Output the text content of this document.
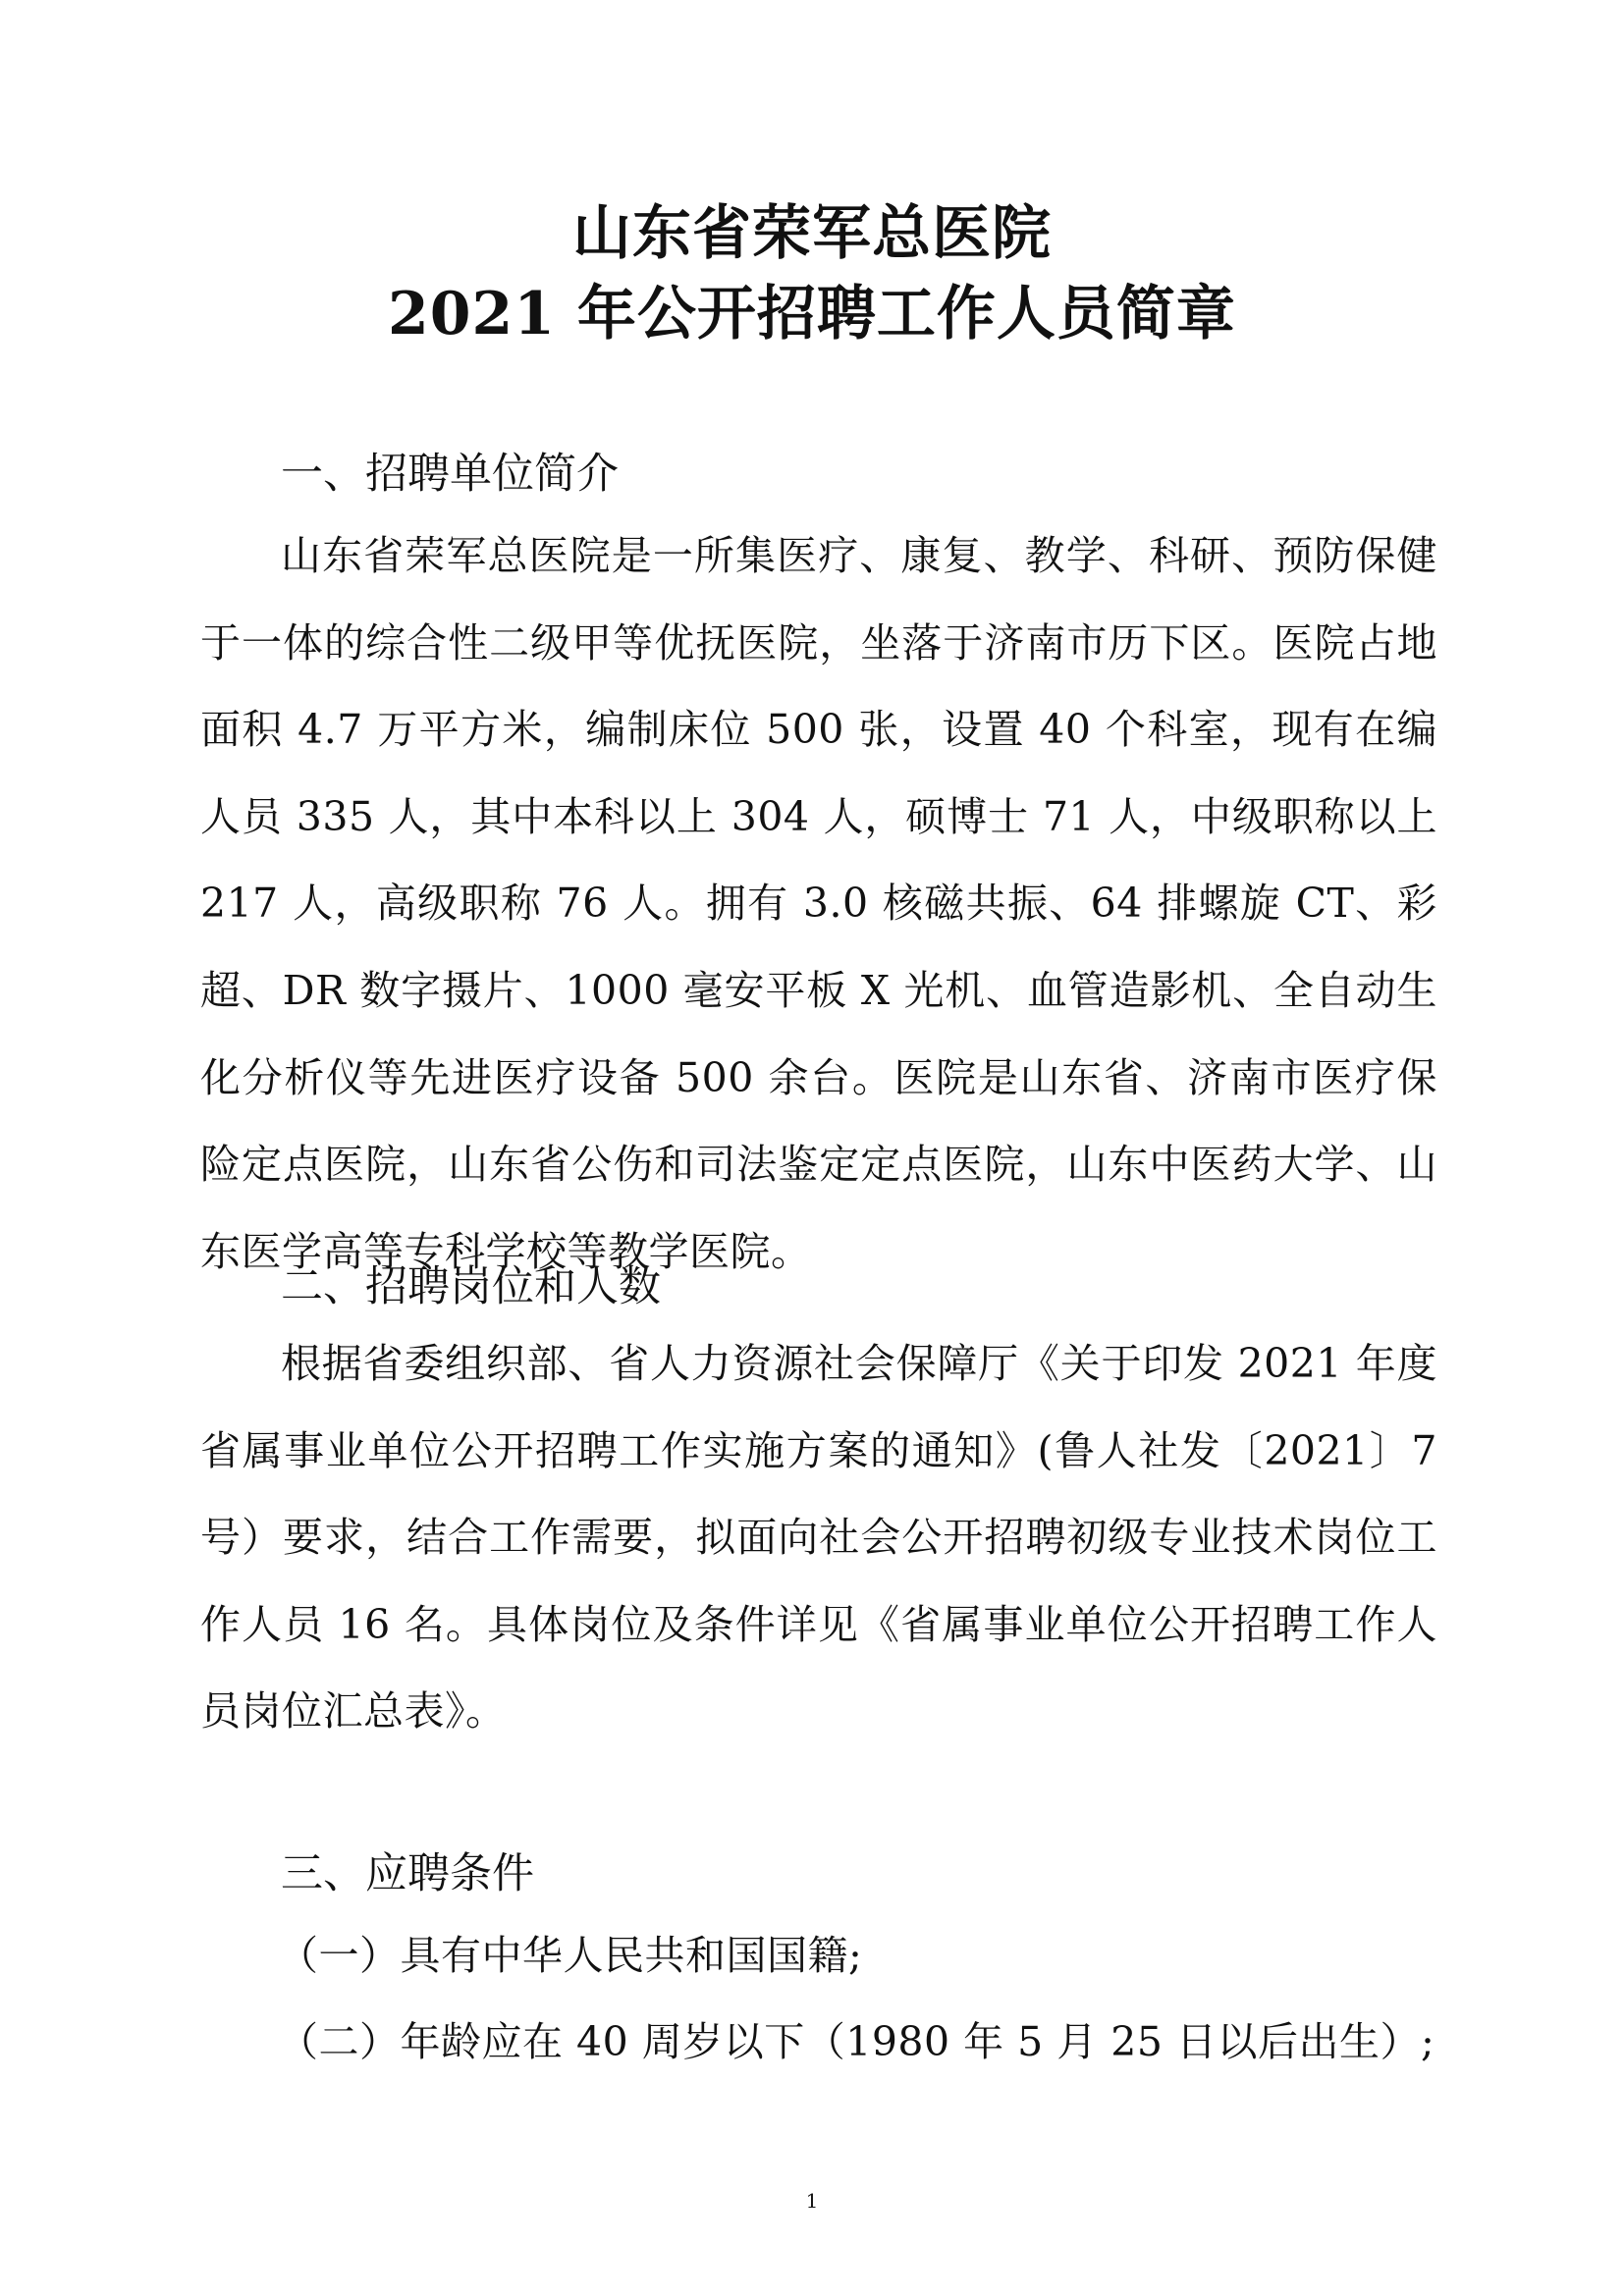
山东省荣军总医院
2021 年公开招聘工作人员简章
一、招聘单位简介

山东省荣军总医院是一所集医疗、康复、教学、科研、预防保健于一体的综合性二级甲等优抚医院，坐落于济南市历下区。医院占地面积 4.7 万平方米，编制床位 500 张，设置 40 个科室，现有在编人员 335 人，其中本科以上 304 人，硕博士 71 人，中级职称以上 217 人，高级职称 76 人。拥有 3.0 核磁共振、64 排螺旋 CT、彩超、DR 数字摄片、1000 毫安平板 X 光机、血管造影机、全自动生化分析仪等先进医疗设备 500 余台。医院是山东省、济南市医疗保险定点医院，山东省公伤和司法鉴定定点医院，山东中医药大学、山东医学高等专科学校等教学医院。

二、招聘岗位和人数

根据省委组织部、省人力资源社会保障厅《关于印发 2021 年度省属事业单位公开招聘工作实施方案的通知》(鲁人社发〔2021〕7 号）要求，结合工作需要，拟面向社会公开招聘初级专业技术岗位工作人员 16 名。具体岗位及条件详见《省属事业单位公开招聘工作人员岗位汇总表》。

三、应聘条件
（一）具有中华人民共和国国籍;
（二）年龄应在 40 周岁以下（1980 年 5 月 25 日以后出生）;
1
